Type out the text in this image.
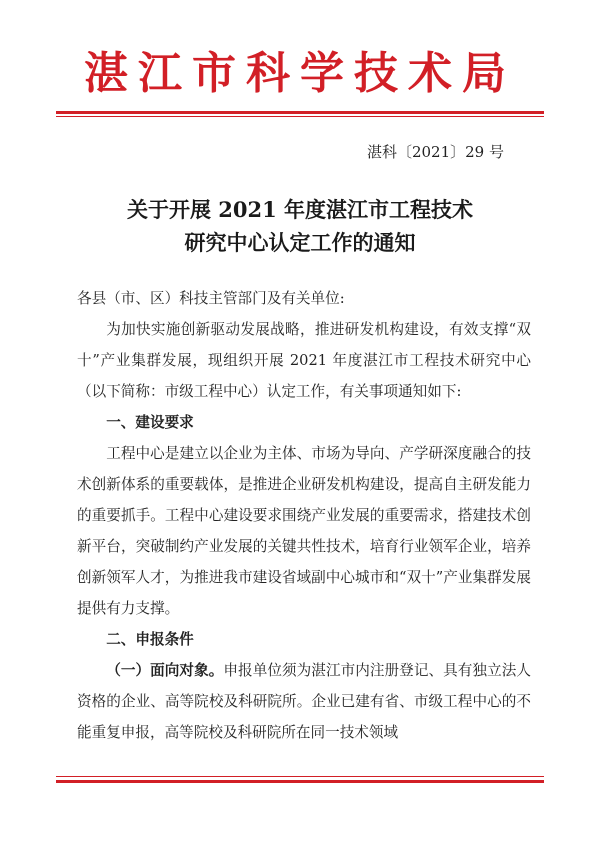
湛江市科学技术局
湛科〔2021〕29 号
关于开展 2021 年度湛江市工程技术
研究中心认定工作的通知

各县（市、区）科技主管部门及有关单位:

为加快实施创新驱动发展战略，推进研发机构建设，有效支撑“双十”产业集群发展，现组织开展 2021 年度湛江市工程技术研究中心（以下简称：市级工程中心）认定工作，有关事项通知如下:

一、建设要求

工程中心是建立以企业为主体、市场为导向、产学研深度融合的技术创新体系的重要载体，是推进企业研发机构建设，提高自主研发能力的重要抓手。工程中心建设要求围绕产业发展的重要需求，搭建技术创新平台，突破制约产业发展的关键共性技术，培育行业领军企业，培养创新领军人才，为推进我市建设省域副中心城市和“双十”产业集群发展提供有力支撑。

二、申报条件

（一）面向对象。申报单位须为湛江市内注册登记、具有独立法人资格的企业、高等院校及科研院所。企业已建有省、市级工程中心的不能重复申报，高等院校及科研院所在同一技术领域
